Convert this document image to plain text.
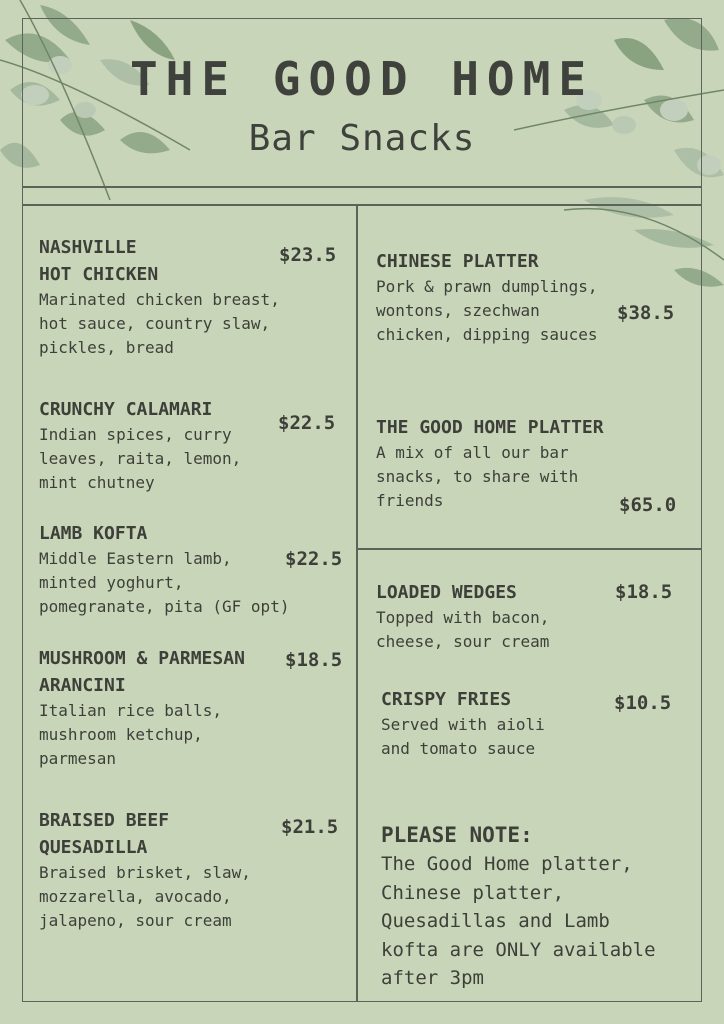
THE GOOD HOME
Bar Snacks

NASHVILLE

HOT CHICKEN

Marinated chicken breast,

hot sauce, country slaw,

pickles, bread

$23.5

CRUNCHY CALAMARI

Indian spices, curry

leaves, raita, lemon,

mint chutney

$22.5

LAMB KOFTA

Middle Eastern lamb,

minted yoghurt,

pomegranate, pita (GF opt)

$22.5

MUSHROOM & PARMESAN

ARANCINI

Italian rice balls,

mushroom ketchup,

parmesan

$18.5

BRAISED BEEF

QUESADILLA

Braised brisket, slaw,

mozzarella, avocado,

jalapeno, sour cream

$21.5

CHINESE PLATTER

Pork & prawn dumplings,

wontons, szechwan

chicken, dipping sauces

$38.5

THE GOOD HOME PLATTER

A mix of all our bar

snacks, to share with

friends	$65.0

LOADED WEDGES

Topped with bacon,

cheese, sour cream

$18.5

CRISPY FRIES

Served with aioli

and tomato sauce

$10.5

PLEASE NOTE:

The Good Home platter,

Chinese platter,

Quesadillas and Lamb

kofta are ONLY available

after 3pm
